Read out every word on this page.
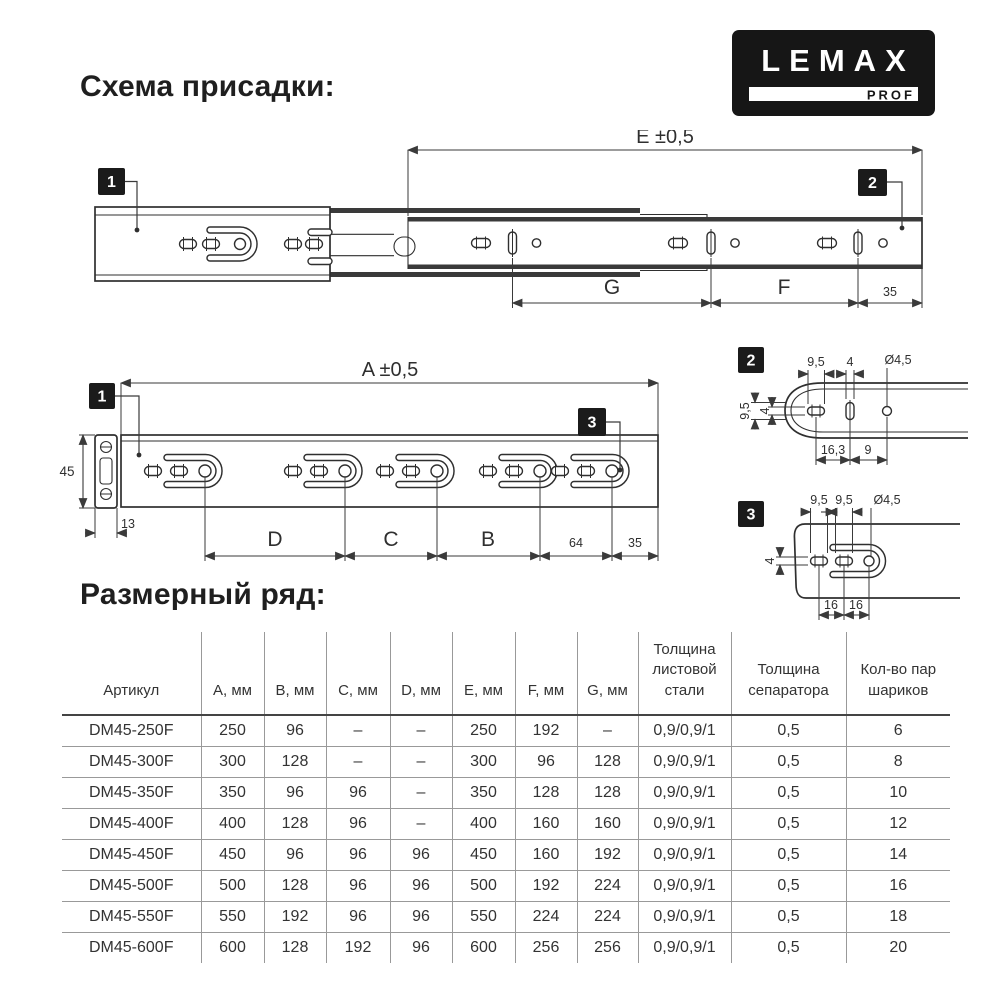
Схема присадки:
LEMAX
PROF
E ±0,5
G	F	35
1	2
A ±0,5
D	C	B	64	35
45
13
1
3
9,5 4 Ø4,5
9,5 4
16,3 9
2
9,5 9,5 Ø4,5
4
16 16
3
Размерный ряд:
Артикул	A, мм	B, мм	C, мм	D, мм	E, мм	F, мм	G, мм	Толщина листовой стали	Толщина сепаратора	Кол-во пар шариков
DM45-250F	250	96	–	–	250	192	–	0,9/0,9/1	0,5	6
DM45-300F	300	128	–	–	300	96	128	0,9/0,9/1	0,5	8
DM45-350F	350	96	96	–	350	128	128	0,9/0,9/1	0,5	10
DM45-400F	400	128	96	–	400	160	160	0,9/0,9/1	0,5	12
DM45-450F	450	96	96	96	450	160	192	0,9/0,9/1	0,5	14
DM45-500F	500	128	96	96	500	192	224	0,9/0,9/1	0,5	16
DM45-550F	550	192	96	96	550	224	224	0,9/0,9/1	0,5	18
DM45-600F	600	128	192	96	600	256	256	0,9/0,9/1	0,5	20
